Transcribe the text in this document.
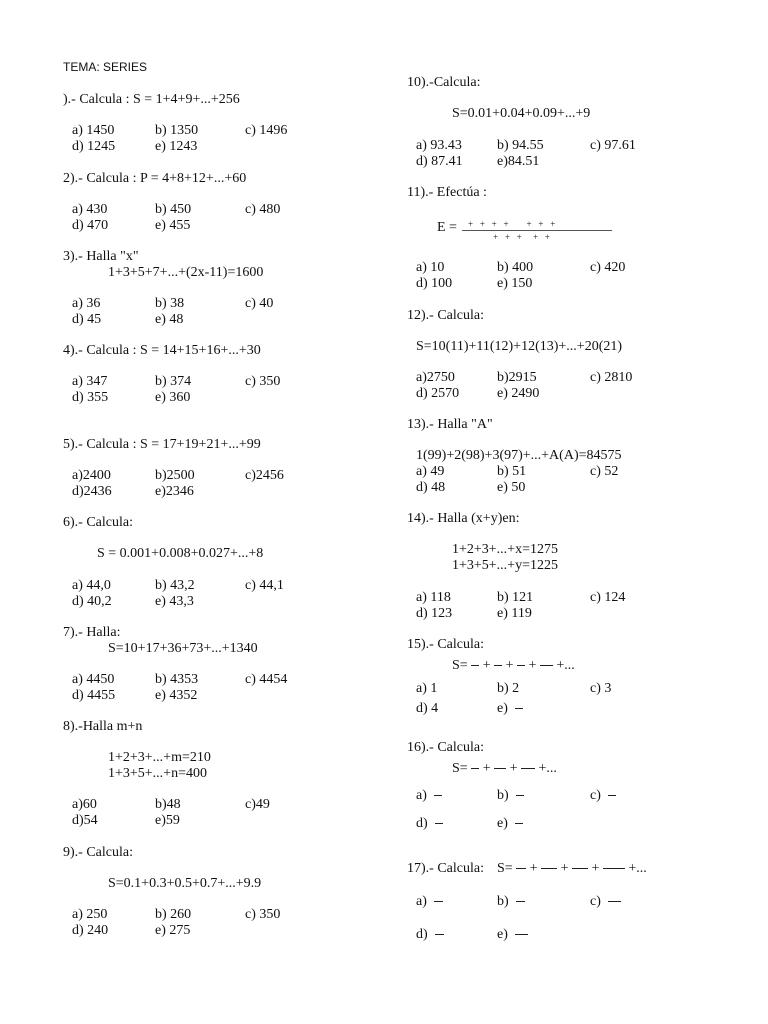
TEMA: SERIES
).- Calcula : S = 1+4+9+...+256
a) 1450	b) 1350	c) 1496
d) 1245	e) 1243
2).- Calcula : P = 4+8+12+...+60
a) 430	b) 450	c) 480
d) 470	e) 455
3).- Halla "x"
1+3+5+7+...+(2x-11)=1600
a) 36	b) 38	c) 40
d) 45	e) 48
4).- Calcula : S = 14+15+16+...+30
a) 347	b) 374	c) 350
d) 355	e) 360
5).- Calcula : S = 17+19+21+...+99
a)2400	b)2500	c)2456
d)2436	e)2346
6).- Calcula:
S = 0.001+0.008+0.027+...+8
a) 44,0	b) 43,2	c) 44,1
d) 40,2	e) 43,3
7).- Halla:
S=10+17+36+73+...+1340
a) 4450	b) 4353	c) 4454
d) 4455	e) 4352
8).-Halla m+n
1+2+3+...+m=210
1+3+5+...+n=400
a)60	b)48	c)49
d)54	e)59
9).- Calcula:
S=0.1+0.3+0.5+0.7+...+9.9
a) 250	b) 260	c) 350
d) 240	e) 275
10).-Calcula:
S=0.01+0.04+0.09+...+9
a) 93.43	b) 94.55	c) 97.61
d) 87.41 e)84.51
11).- Efectúa :
E = +   +   +   +        +   +   +
+   +   +     +   +
a) 10	b) 400	c) 420
d) 100	e) 150
12).- Calcula:
S=10(11)+11(12)+12(13)+...+20(21)
a)2750	b)2915	c) 2810
d) 2570	e) 2490
13).- Halla "A"
1(99)+2(98)+3(97)+...+A(A)=84575
a) 49	b) 51	c) 52
d) 48	e) 50
14).- Halla (x+y)en:
1+2+3+...+x=1275
1+3+5+...+y=1225
a) 118	b) 121	c) 124
d) 123	e) 119
15).- Calcula:
S= + + + +...
a) 1	b) 2	c) 3
d) 4	e)
16).- Calcula:
S= + + +...
a)	b)	c)
d)	e)
17).- Calcula: S= + + + +...
a)	b)	c)
d)	e)
